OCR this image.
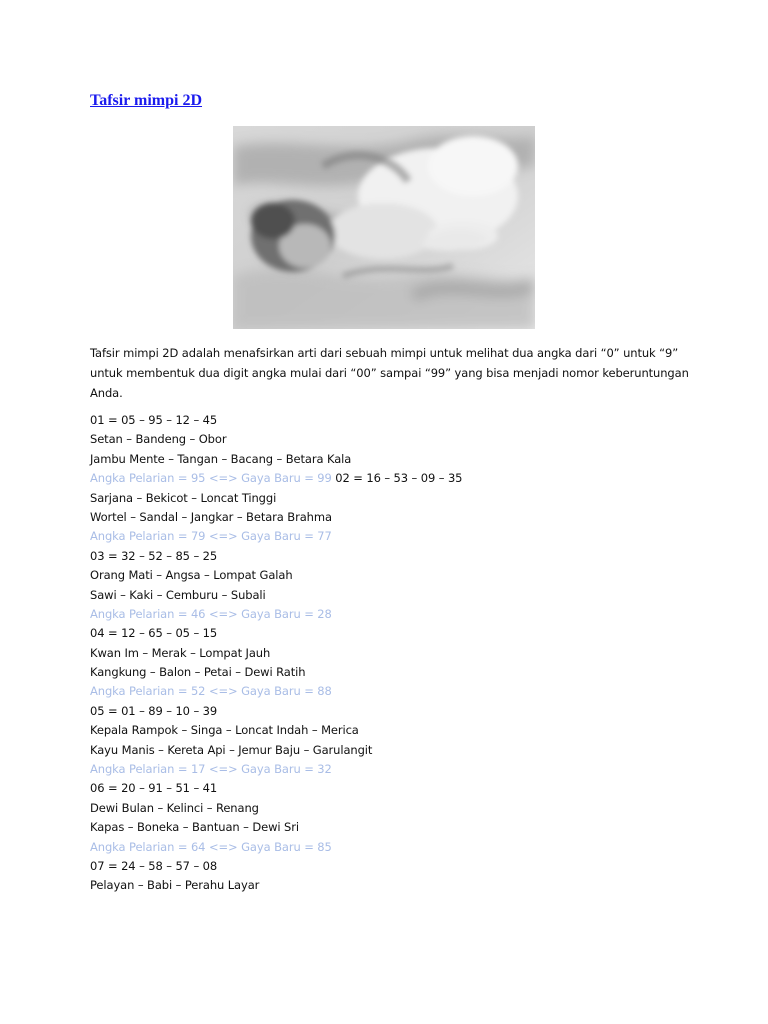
Tafsir mimpi 2D
Tafsir mimpi 2D adalah menafsirkan arti dari sebuah mimpi untuk melihat dua angka dari “0” untuk “9” untuk membentuk dua digit angka mulai dari “00” sampai “99” yang bisa menjadi nomor keberuntungan Anda.
01 = 05 – 95 – 12 – 45
Setan – Bandeng – Obor
Jambu Mente – Tangan – Bacang – Betara Kala
Angka Pelarian = 95 <=> Gaya Baru = 99 02 = 16 – 53 – 09 – 35
Sarjana – Bekicot – Loncat Tinggi
Wortel – Sandal – Jangkar – Betara Brahma
Angka Pelarian = 79 <=> Gaya Baru = 77
03 = 32 – 52 – 85 – 25
Orang Mati – Angsa – Lompat Galah
Sawi – Kaki – Cemburu – Subali
Angka Pelarian = 46 <=> Gaya Baru = 28
04 = 12 – 65 – 05 – 15
Kwan Im – Merak – Lompat Jauh
Kangkung – Balon – Petai – Dewi Ratih
Angka Pelarian = 52 <=> Gaya Baru = 88
05 = 01 – 89 – 10 – 39
Kepala Rampok – Singa – Loncat Indah – Merica
Kayu Manis – Kereta Api – Jemur Baju – Garulangit
Angka Pelarian = 17 <=> Gaya Baru = 32
06 = 20 – 91 – 51 – 41
Dewi Bulan – Kelinci – Renang
Kapas – Boneka – Bantuan – Dewi Sri
Angka Pelarian = 64 <=> Gaya Baru = 85
07 = 24 – 58 – 57 – 08
Pelayan – Babi – Perahu Layar
